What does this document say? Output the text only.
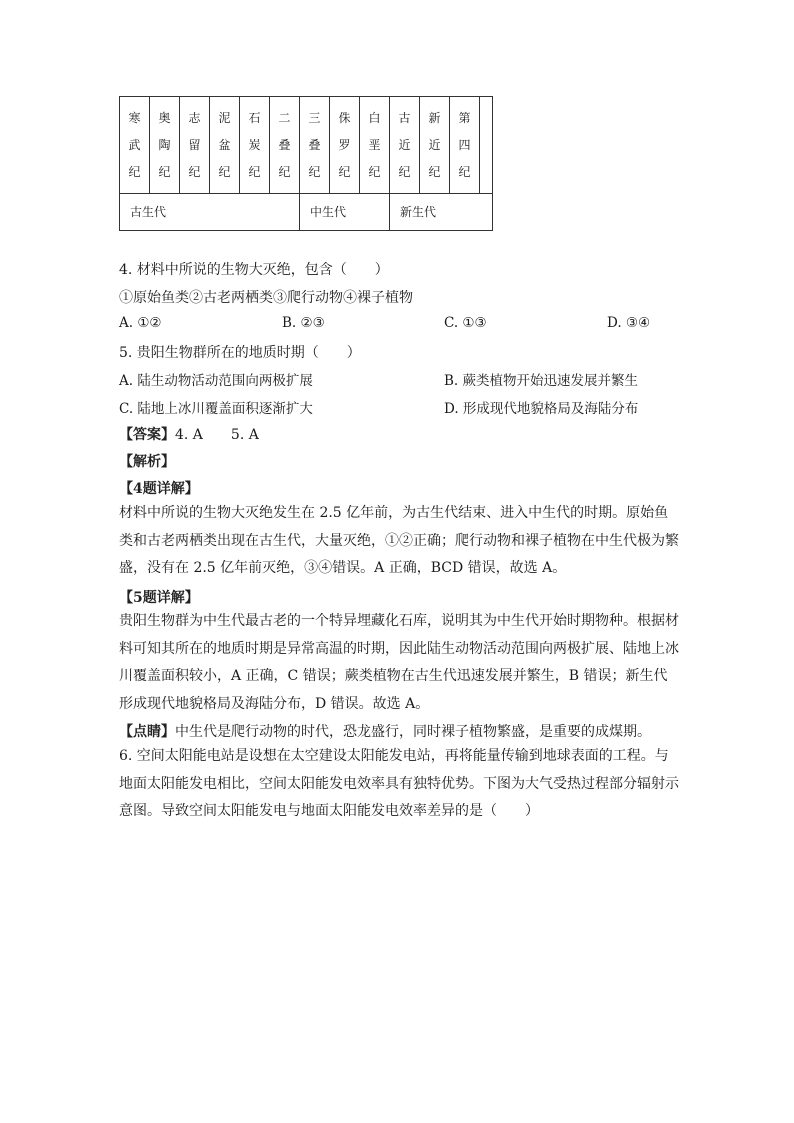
寒武纪	奥陶纪	志留纪	泥盆纪	石炭纪	二叠纪	三叠纪	侏罗纪	白垩纪	古近纪	新近纪	第四纪	

古生代						中生代			新生代			
4. 材料中所说的生物大灭绝，包含（　　）
①原始鱼类②古老两栖类③爬行动物④裸子植物
A. ①②	B. ②③	C. ①③	D. ③④
5. 贵阳生物群所在的地质时期（　　）
A. 陆生动物活动范围向两极扩展	B. 蕨类植物开始迅速发展并繁生
C. 陆地上冰川覆盖面积逐渐扩大	D. 形成现代地貌格局及海陆分布
【答案】4. A　　5. A
【解析】
【4题详解】
材料中所说的生物大灭绝发生在 2.5 亿年前，为古生代结束、进入中生代的时期。原始鱼类和古老两栖类出现在古生代，大量灭绝，①②正确；爬行动物和裸子植物在中生代极为繁盛，没有在 2.5 亿年前灭绝，③④错误。A 正确，BCD 错误，故选 A。
【5题详解】
贵阳生物群为中生代最古老的一个特异埋藏化石库，说明其为中生代开始时期物种。根据材料可知其所在的地质时期是异常高温的时期，因此陆生动物活动范围向两极扩展、陆地上冰川覆盖面积较小，A 正确，C 错误；蕨类植物在古生代迅速发展并繁生，B 错误；新生代形成现代地貌格局及海陆分布，D 错误。故选 A。
【点睛】中生代是爬行动物的时代，恐龙盛行，同时裸子植物繁盛，是重要的成煤期。
6. 空间太阳能电站是设想在太空建设太阳能发电站，再将能量传输到地球表面的工程。与地面太阳能发电相比，空间太阳能发电效率具有独特优势。下图为大气受热过程部分辐射示意图。导致空间太阳能发电与地面太阳能发电效率差异的是（　　）
